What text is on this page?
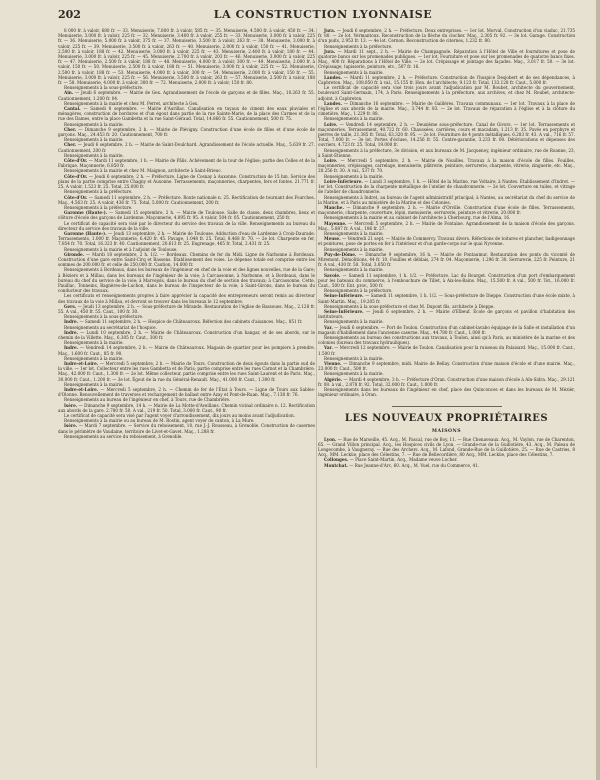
202	LA CONSTRUCTION LYONNAISE

8 000 fr. à valoir, 680 fr. — 33. Menuiserie, 7.800 fr. à valoir, 585 fr. — 35. Menuiserie, 4.500 fr. à valoir, 450 fr. — 34. Menuiserie, 3.000 fr. à valoir, 225 fr. — 32. Menuiserie, 3.400 fr. à valoir, 255 fr. — 33. Menuiserie, 3.000 fr. à valoir, 225 fr. — 36. Menuiserie, 5.000 fr. à valoir, 375 fr. — 37. Menuiserie, 3.500 fr. à valoir, 263 fr. — 38. Menuiserie, 3.000 fr. à valoir, 225 fr. — 39. Menuiserie, 3.500 fr. à valoir, 263 fr. — 40. Menuiserie, 2.000 fr. à valoir, 150 fr. — 41. Menuiserie, 2.500 fr. à valoir, 188 fr. — 42. Menuiserie, 3.000 fr. à valoir, 225 fr. — 43. Menuiserie, 2.400 fr. à valoir, 180 fr. — 44. Menuiserie, 3.000 fr. à valoir, 225 fr. — 45. Menuiserie, 2.700 fr. à valoir, 203 fr. — 46. Menuiserie, 3.000 fr. à valoir, 225 fr. — 47. Menuiserie, 2.500 fr. à valoir, 188 fr. — 48. Menuiserie, 4.000 fr. à valoir, 300 fr. — 49. Menuiserie, 2.000 fr. à valoir, 150 fr. — 50. Menuiserie, 2.500 fr. à valoir, 188 fr. — 51. Menuiserie, 3.000 fr. à valoir, 225 fr. — 52. Menuiserie, 2.500 fr. à valoir, 188 fr. — 53. Menuiserie, 4.000 fr. à valoir, 300 fr. — 54. Menuiserie, 2.000 fr. à valoir, 150 fr. — 55. Menuiserie, 3.000 fr. à valoir, 225 fr. — 56. Menuiserie, 3.500 fr. à valoir, 263 fr. — 57. Menuiserie, 2.500 fr. à valoir, 188 fr. — 58. Menuiserie, 4.000 fr. à valoir, 300 fr. — 72. Menuiserie, 2.000 fr. à valoir, 150 fr. 80.

Renseignements à la sous-préfecture.

Ain. — Jeudi 6 septembre. — Mairie de Gex. Agrandissement de l'école de garçons et de filles. Maç., 10.263 fr. 55. Cautionnement, 1.200 fr. 04.

Renseignements à la mairie et chez M. Perret, architecte à Gex.

Cantal. — Samedi 8 septembre. — Mairie d'Aurillac. Canalisation en tuyaux de ciment des eaux pluviales et ménagères, construction de bordures et d'un égout dans partie de la rue Sainte-Marie, de la place des Carmes et de la rue des Dames, entre la place Gambetta et la rue Saint-Géraud. Total, 14.866 fr. 55. Cautionnement, 500 fr. 75.

Renseignements à la mairie.

Cher. — Dimanche 9 septembre, 2 h. — Mairie de Plévigny. Construction d'une école de filles et d'une école de garçons. Maç., 24.453 fr. 20. Cautionnement, 700 fr.

Renseignements à la mairie.

Cher. — Jeudi 6 septembre, 2 h. — Mairie de Saint-Doulchard. Agrandissement de l'école actuelle. Maç., 5.639 fr. 27. Cautionnement, 200 fr.

Renseignements à la mairie.

Côte-d'Or. — Mardi 11 septembre, 1 h. — Mairie de Pâlis. Achèvement de la tour de l'église; partie des Celles et de la Fabrique. Maçonnerie, 6.850 fr.

Renseignements à la mairie et chez M. Maignon, architecte à Saint-Brieuc.

Côte-d'Or. — Jeudi 6 septembre, 2 h. — Préfecture. Ligne de Cosnay à Auxonne. Construction de 15 hm. Service des plans de la partie comprise entre Chagny et Auxonne. Terrassements, maçonneries, charpentes, fers et fontes. 21.771 fr. 25. A valoir, 1.523 fr. 25. Total, 25.000 fr.

Renseignements à la préfecture.

Côte-d'Or. — Samedi 11 septembre, 2 h. — Préfecture. Route nationale n. 25. Rectification de tournant des Fourches. Maç., 4.563 fr. 25. A valoir, 436 fr. 75. Total, 5.000 fr. Cautionnement, 200 fr.

Renseignements à la préfecture.

Garonne (Haute-). — Samedi 15 septembre, 2 h. — Mairie de Toulouse. Salle de classe, deux chambres, lieux et clôture d'école des garçons de Lardenne. Maçonnerie, 4.895 fr. 95. A valoir, 504 fr. 05. Cautionnement, 250 fr.

Le certificat de capacité sera visé par le directeur du service des travaux de la ville. Renseignements au bureau du directeur du service des travaux de la ville.

Garonne (Haute-). — Jeudi 13 septembre, 2 h. — Mairie de Toulouse. Adduction d'eau de Lardenne à Croix-Daurade. Terrassements, 1.000 fr. Maçonnerie, 6.420 fr. 45. Pavage, 1.048 fr. 25. Total, 8.468 fr. 70. — 2e lot. Charpente en fer, 7.854 fr. 70. Total, 16.323 fr. 40. Cautionnement, 20.613 fr. 25. Engrenage, 465 fr. Total, 2.431 fr. 25.

Renseignements à la mairie et à l'adjoint de Toulouse.

Gironde. — Mardi 18 septembre, 2 h. 1/2. — Bordeaux. Chemins de fer du Midi. Ligne de Narbonne à Bordeaux. Construction d'une gare entre Saint-Cirq et Bassens. Établissement des voies. Le dépense totale est comprise entre les sommes de 200.000 fr. et celle de 250.000 fr. Caution, 14.000 fr.

Renseignements à Bordeaux, dans les bureaux de l'ingénieur en chef de la voie et des lignes nouvelles, rue de la Gare; à Béziers et à Millau, dans les bureaux de l'ingénieur de la voie; à Carcassonne, à Narbonne, et à Bordeaux, dans le bureau du chef du service de la voie; à Marvejols, dans le bureau du chef de section des travaux; à Carcassonne, Cette, Pauillac, Tonneins, Bagnères-de-Luchon, dans le bureau de l'inspecteur de la voie; à Saint-Girons, dans le bureau du conducteur des travaux.

Les certificats et renseignements propres à faire apprécier la capacité des entrepreneurs seront remis au directeur des travaux de la voie à Millau, et devront se trouver dans les bureaux le 12 septembre.

Gers. — Jeudi 13 septembre, 2 h. — Sous-préfecture de Mirande. Restauration de l'église de Bassoues. Maç., 2.128 fr. 55. A val., 450 fr. 55. Caut., 100 fr. 30.

Renseignements à la sous-préfecture.

Indre. — Samedi 11 septembre, 2 h. — Hospice de Châteauroux. Réfection des cabinets d'aisances. Maç., 851 fr.

Renseignements au secrétariat de l'hospice.

Indre. — Lundi 10 septembre, 2 h. — Mairie de Châteauroux. Construction d'un hangar, et de ses abords, sur le chemin de la Villette. Maç., 6.305 fr. Caut., 300 fr.

Renseignements à la mairie.

Indre. — Vendredi 14 septembre, 2 h. — Mairie de Châteauroux. Magasin de quartier pour les pompiers à prendre. Maç., 1.600 fr. Caut., 85 fr. 90.

Renseignements à la mairie.

Indre-et-Loire. — Mercredi 5 septembre, 2 h. — Mairie de Tours. Construction de deux égouts dans la partie sud de la ville. — 1er lot. Collecteur entre les rues Gambetta et de Paris; partie comprise entre les rues Carnot et la Chambrière. Maç., 42.000 fr. Caut., 1.300 fr. — 2e lot. Même collecteur, partie comprise entre les rues Saint-Laurent et de Paris. Maç., 30.000 fr. Caut., 1.200 fr. — 3e lot. Égout de la rue du Général-Renault. Maç., 41.000 fr. Caut., 1.300 fr.

Renseignements à la mairie.

Indre-et-Loire. — Mercredi 5 septembre, 2 h. — Chemin de fer de l'État à Tours. — Ligne de Tours aux Sables-d'Olonne. Renouvellement de traverses et rechargement de ballast entre Azay et Pont-de-Ruan. Maç., 7.138 fr. 76.

Renseignements au bureau de l'ingénieur en chef, à Tours, rue de Chambrière.

Isère. — Dimanche 9 septembre, 14 h. — Mairie de La Motte-d'Aveillans. Chemin vicinal ordinaire n. 12. Rectification aux abords de la gare. 2.780 fr. 50. A val., 219 fr. 50. Total, 3.000 fr. Caut., 90 fr.

Le certificat de capacité sera visé par l'agent voyer d'arrondissement, dix jours au moins avant l'adjudication.

Renseignements à la mairie ou au bureau de M. Rostin, agent voyer de canton, à La Mure.

Isère. — Mardi 7 septembre. — Service du reboisement, 10, rue J.-J. Rousseau, à Grenoble. Construction de casernes dans le périmètre de Vaudaine, territoire de Livet-et-Gavet. Maç., 1.288 fr.

Renseignements au service du reboisement, à Grenoble.

Jura. — Jeudi 6 septembre, 2 h. — Préfecture. Deux entreprises. — 1er lot. Morval. Construction d'un viaduc, 21.735 fr. 80. — 2e lot. Vermantoux. Reconstruction de la flèche du clocher. Maç., 2.305 fr. 92. — 3e lot. Garage. Construction d'un puits, 2.953 fr. 13. — 4e lot. Cernon. Reconstruction de citernes, 1.232 fr. 80.

Renseignements à la préfecture.

Jura. — Mardi 11 sept., 2 h. — Mairie de Champagnole. Réparation à l'Hôtel de Ville et fournitures et pose de quatorze bancs sur les promenades publiques. — 1er lot. Fourniture et pose sur les promenades de quatorze bancs fixes. Maç., 400 fr. Réparations à l'Hôtel de Ville. — 2e lot. Crépissage et jointage des façades. Maç., 3.017 fr. 50. — 3e lot. Crépissage, tapisserie, peinture, etc., 507 fr. 16.

Renseignements à la mairie.

Landes. — Mardi 11 septembre, 2 h. — Préfecture. Construction de l'hospice Desjobert et de ses dépendances, à Capbreton. Maç., 108.850 fr. à val., 15.155 fr. Hon. de l'architecte, 9.123 fr. Total, 133.128 fr. Caut., 5.000 fr.

Le certificat de capacité sera visé trois jours avant l'adjudication par M. Roubet, architecte du gouvernement, boulevard Saint-Germain, 174, à Paris. Renseignements à la préfecture, aux archives, et chez M. Roubet, architecte-adjoint, à Capbreton.

Landes. — Dimanche 16 septembre. — Mairie de Gaillères. Travaux communaux. — 1er lot. Travaux à la place de l'église et aux abords de la mairie. Maç., 3.744 fr. 83. — 2e lot. Travaux de réparation à l'église et à la clôture du cimetière. Maç., 1.229 fr. 88.

Renseignements à la mairie.

Loire. — Vendredi 14 septembre, 2 h. — Deuxième sous-préfecture. Canal de Givors. — 1er lot. Terrassements et maçonneries. Terrassement, 40.722 fr. 60. Chaussées, carrières, cours et macadam, 1.213 fr. 35. Pavés en porphyre et pierres de taille, 21.385 fr. Total, 63.320 fr. 95. — 2e lot. Fourniture de 4 ponts métalliques. 6.283 fr. 43. A val., 716 fr. 57. Total, 7.000 fr. — 3e lot. Portes d'écluse, 14.256 fr. 55. Contre-garantie, 3.233 fr. 00. Détériorations et dépenses des ouvriers, 4.723 fr. 25. Total, 19.000 fr.

Renseignements à la préfecture, 3e division, et aux bureaux de M. Jacquenoy, ingénieur ordinaire, rue de Roanne, 23, à Saint-Étienne.

Loire. — Mercredi 5 septembre, 2 h. — Mairie de Noailles. Travaux à la maison d'école de filles. Fouilles, maçonneries, crépissages, carrelage, menuiserie, plâtrerie, peinture, serrurerie, charpente, vitrerie, zinguerie, etc. Maç., 20.256 fr. 30. A val., 537 fr. 70.

Renseignements à la mairie.

Loire-Inférieure. — Lundi 3 septembre, 1 h. — Hôtel de la Marine, rue Voltaire, à Nantes. Établissement d'Indret. — 1er lot. Construction de la charpente métallique de l'atelier de chaudronnerie. — 2e lot. Couverture en tuiles, et vitrage de l'atelier de chaudronnerie.

Renseignements à Indret, au bureau de l'agent administratif principal; à Nantes, au secrétariat du chef du service de la Marine, et à Paris au ministère de la Marine et des Colonies.

Manche. — Dimanche 9 septembre, 2 h. — Mairie d'Orville. Construction d'une école de filles. Terrassements, maçonnerie, charpente, couverture, lépin, menuiserie, serrurerie, peinture et vitrerie, 20.000 fr.

Renseignements à la mairie et au cabinet de l'architecte à Cherbourg, rue de l'Alma, 16.

Mayenne. — Mercredi 5 septembre, 2 h. — Mairie de Fontaine. Agrandissement de la maison d'école des garçons. Maç., 5.887 fr. A val., 186 fr. 27.

Renseignements à la mairie.

Meuse. — Vendredi 21 sept. — Mairie de Commercy. Travaux divers. Réfections de toitures et plancher, badigeonnage et peintures, pose de portes en fer à l'intérieur et d'un garde-corps sur le quai Nyvenne.

Renseignements à la mairie.

Puy-de-Dôme. — Dimanche 9 septembre, 16 h. — Mairie de Pontaumur. Restauration des ponts du vicomté de Miremont. Démolitions, 44 fr. 10. Fouilles et déblais, 274 fr. 04. Maçonnerie, 1.296 fr. 30. Serrurerie, 225 fr. Peinture, 21 fr. A val., 430 fr. 50. Total, 3.850 fr.

Renseignements à la mairie.

Savoie. — Samedi 11 septembre, 1 h. 1/2. — Préfecture. Lac du Bourget. Construction d'un port d'embarquement pour les bateaux du commerce, à l'embouchure de Tillet, à Aix-les-Bains. Maç., 15.500 fr. A val., 500 fr. Tot., 16.000 fr. Caut., 500 fr. Ent. prov., 500 fr.

Renseignements à la préfecture.

Seine-Inférieure. — Samedi 11 septembre, 1 h. 1/2. — Sous-préfecture de Dieppe. Construction d'une école mixte, à Saint-Martin. Maç., 19.205 fr.

Renseignements à la sous-préfecture et chez M. Dupont fils, architecte à Dieppe.

Seine-Inférieure. — Jeudi 6 septembre, 2 h. — Mairie d'Elbeuf. École de garçons et pavillon d'habitation des instituteurs.

Renseignements à la mairie.

Var. — Jeudi 6 septembre. — Port de Toulon. Construction d'un cabinet-lavabo équipage de la Salle et installation d'un magasin d'habillement dans l'ancienne caserne. Maç., 44.780 fr. Caut., 1.000 fr.

Renseignements au bureau des constructions aux travaux, à Toulon, ainsi qu'à Paris, au ministère de la marine et des colonies (bureau des travaux hydrauliques).

Var. — Mercredi 12 septembre. — Mairie de Toulon. Canalisation pour la ruisseau du Palaisard. Maç., 15.000 fr. Caut., 1.500 fr.

Renseignements à la mairie.

Vienne. — Dimanche 9 septembre, midi. Mairie de Bellay. Construction d'une maison d'école et d'une mairie. Maç., 23.000 fr. Caut., 500 fr.

Renseignements à la mairie.

Algérie. — Mardi 4 septembre, 3 h. — Préfecture d'Oran. Construction d'une maison d'école à Aïn-Sidra. Maç., 29.121 fr. 08. à val., 2.878 fr. 92. Total, 32.000 fr. Caut., 1.000 fr.

Renseignements dans les bureaux de l'ingénieur en chef, place des Quinconces et dans les bureaux de M. Mézièr, ingénieur ordinaire, à Oran.

LES NOUVEAUX PROPRIÉTAIRES
MAISONS

Lyon. — Rue de Marseille, 45. Acq., M. Pascal, rue de Boy, 11. — Rue Chenaveaux. Acq., M. Vaylon, rue de Charenton, 65. — Grand Villon principal. Acq., les Hospices civils de Lyon. — Grande-rue de la Guillotière, 43. Acq., M. Paleau de Longecombe, à Vaugneray. — Rue des Archers. Acq., M. Lafond, Grande-Rue de la Guillotière, 25. — Rue de Castries, 8 Acq., MM. Lecküe, place des Célestins, 7. — Rue de Bellecordière, 80 Acq., MM. Lecküe, place des Célestins, 7.

Collonges. — Place Saint-Martin. Acq., Madame veuve Locher.

Montchat. — Rue Jeanne-d'Arc, 60. Acq., M. Vuel, rue du Commerce, 41.
